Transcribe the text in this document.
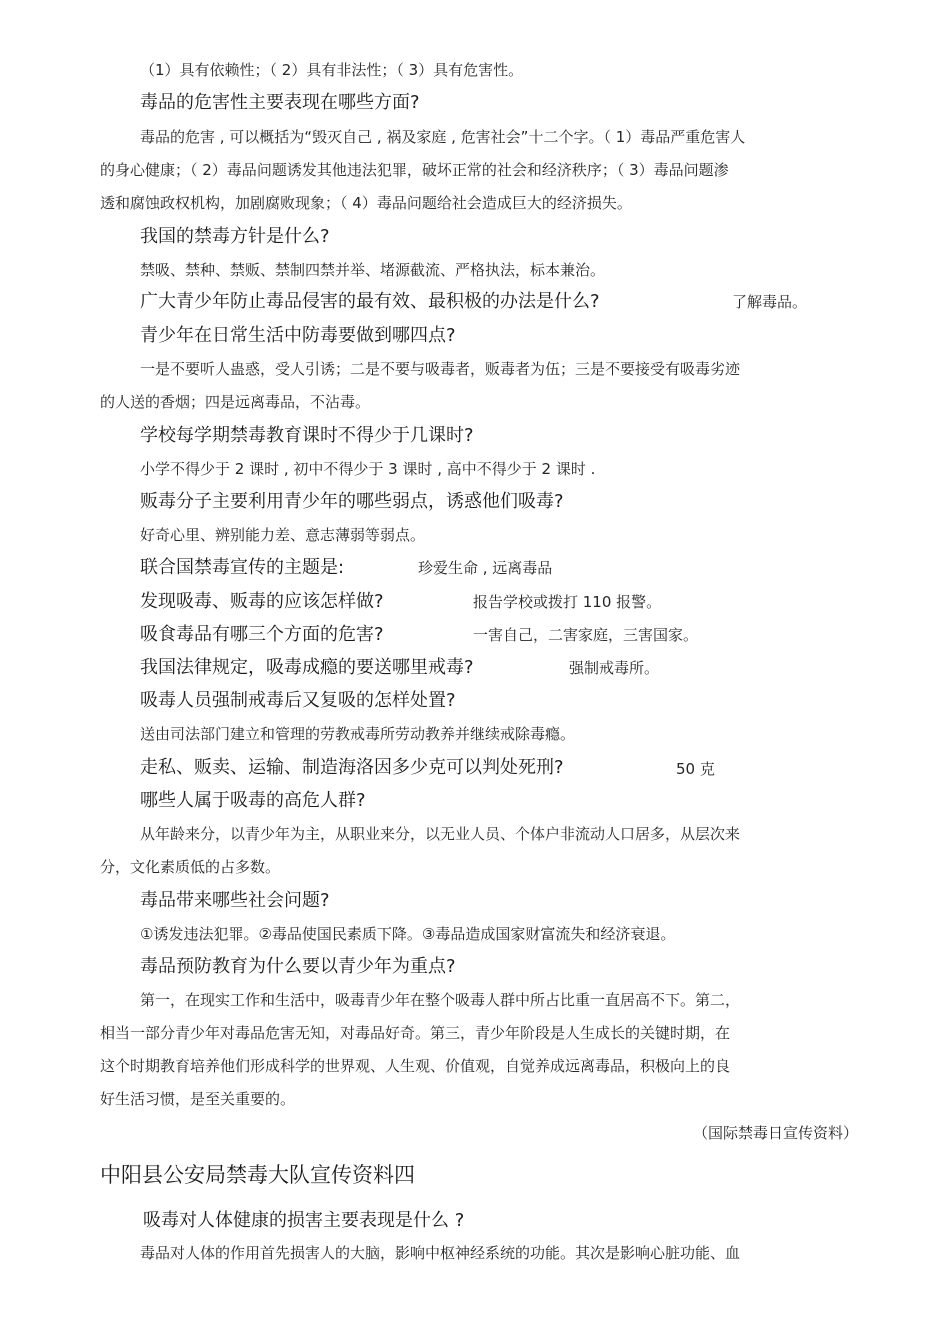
（1）具有依赖性；（ 2）具有非法性；（ 3）具有危害性。
毒品的危害性主要表现在哪些方面?
毒品的危害 , 可以概括为“毁灭自己 , 祸及家庭 , 危害社会”十二个字。（ 1）毒品严重危害人
的身心健康；（ 2）毒品问题诱发其他违法犯罪，破坏正常的社会和经济秩序；（ 3）毒品问题渗
透和腐蚀政权机构，加剧腐败现象；（ 4）毒品问题给社会造成巨大的经济损失。
我国的禁毒方针是什么?
禁吸、禁种、禁贩、禁制四禁并举、堵源截流、严格执法，标本兼治。
广大青少年防止毒品侵害的最有效、最积极的办法是什么?	了解毒品。
青少年在日常生活中防毒要做到哪四点?
一是不要听人蛊惑，受人引诱；二是不要与吸毒者，贩毒者为伍；三是不要接受有吸毒劣迹
的人送的香烟；四是远离毒品，不沾毒。
学校每学期禁毒教育课时不得少于几课时?
小学不得少于 2 课时 , 初中不得少于 3 课时 , 高中不得少于 2 课时 .
贩毒分子主要利用青少年的哪些弱点，诱惑他们吸毒?
好奇心里、辨别能力差、意志薄弱等弱点。
联合国禁毒宣传的主题是:	珍爱生命 , 远离毒品
发现吸毒、贩毒的应该怎样做?	报告学校或拨打 110 报警。
吸食毒品有哪三个方面的危害?	一害自己，二害家庭，三害国家。
我国法律规定，吸毒成瘾的要送哪里戒毒?	强制戒毒所。
吸毒人员强制戒毒后又复吸的怎样处置?
送由司法部门建立和管理的劳教戒毒所劳动教养并继续戒除毒瘾。
走私、贩卖、运输、制造海洛因多少克可以判处死刑?	50 克
哪些人属于吸毒的高危人群?
从年龄来分，以青少年为主，从职业来分，以无业人员、个体户非流动人口居多，从层次来
分，文化素质低的占多数。
毒品带来哪些社会问题?
①诱发违法犯罪。②毒品使国民素质下降。③毒品造成国家财富流失和经济衰退。
毒品预防教育为什么要以青少年为重点?
第一，在现实工作和生活中，吸毒青少年在整个吸毒人群中所占比重一直居高不下。第二，
相当一部分青少年对毒品危害无知，对毒品好奇。第三，青少年阶段是人生成长的关键时期，在
这个时期教育培养他们形成科学的世界观、人生观、价值观，自觉养成远离毒品，积极向上的良
好生活习惯，是至关重要的。
（国际禁毒日宣传资料）
中阳县公安局禁毒大队宣传资料四
吸毒对人体健康的损害主要表现是什么 ?
毒品对人体的作用首先损害人的大脑，影响中枢神经系统的功能。其次是影响心脏功能、血
